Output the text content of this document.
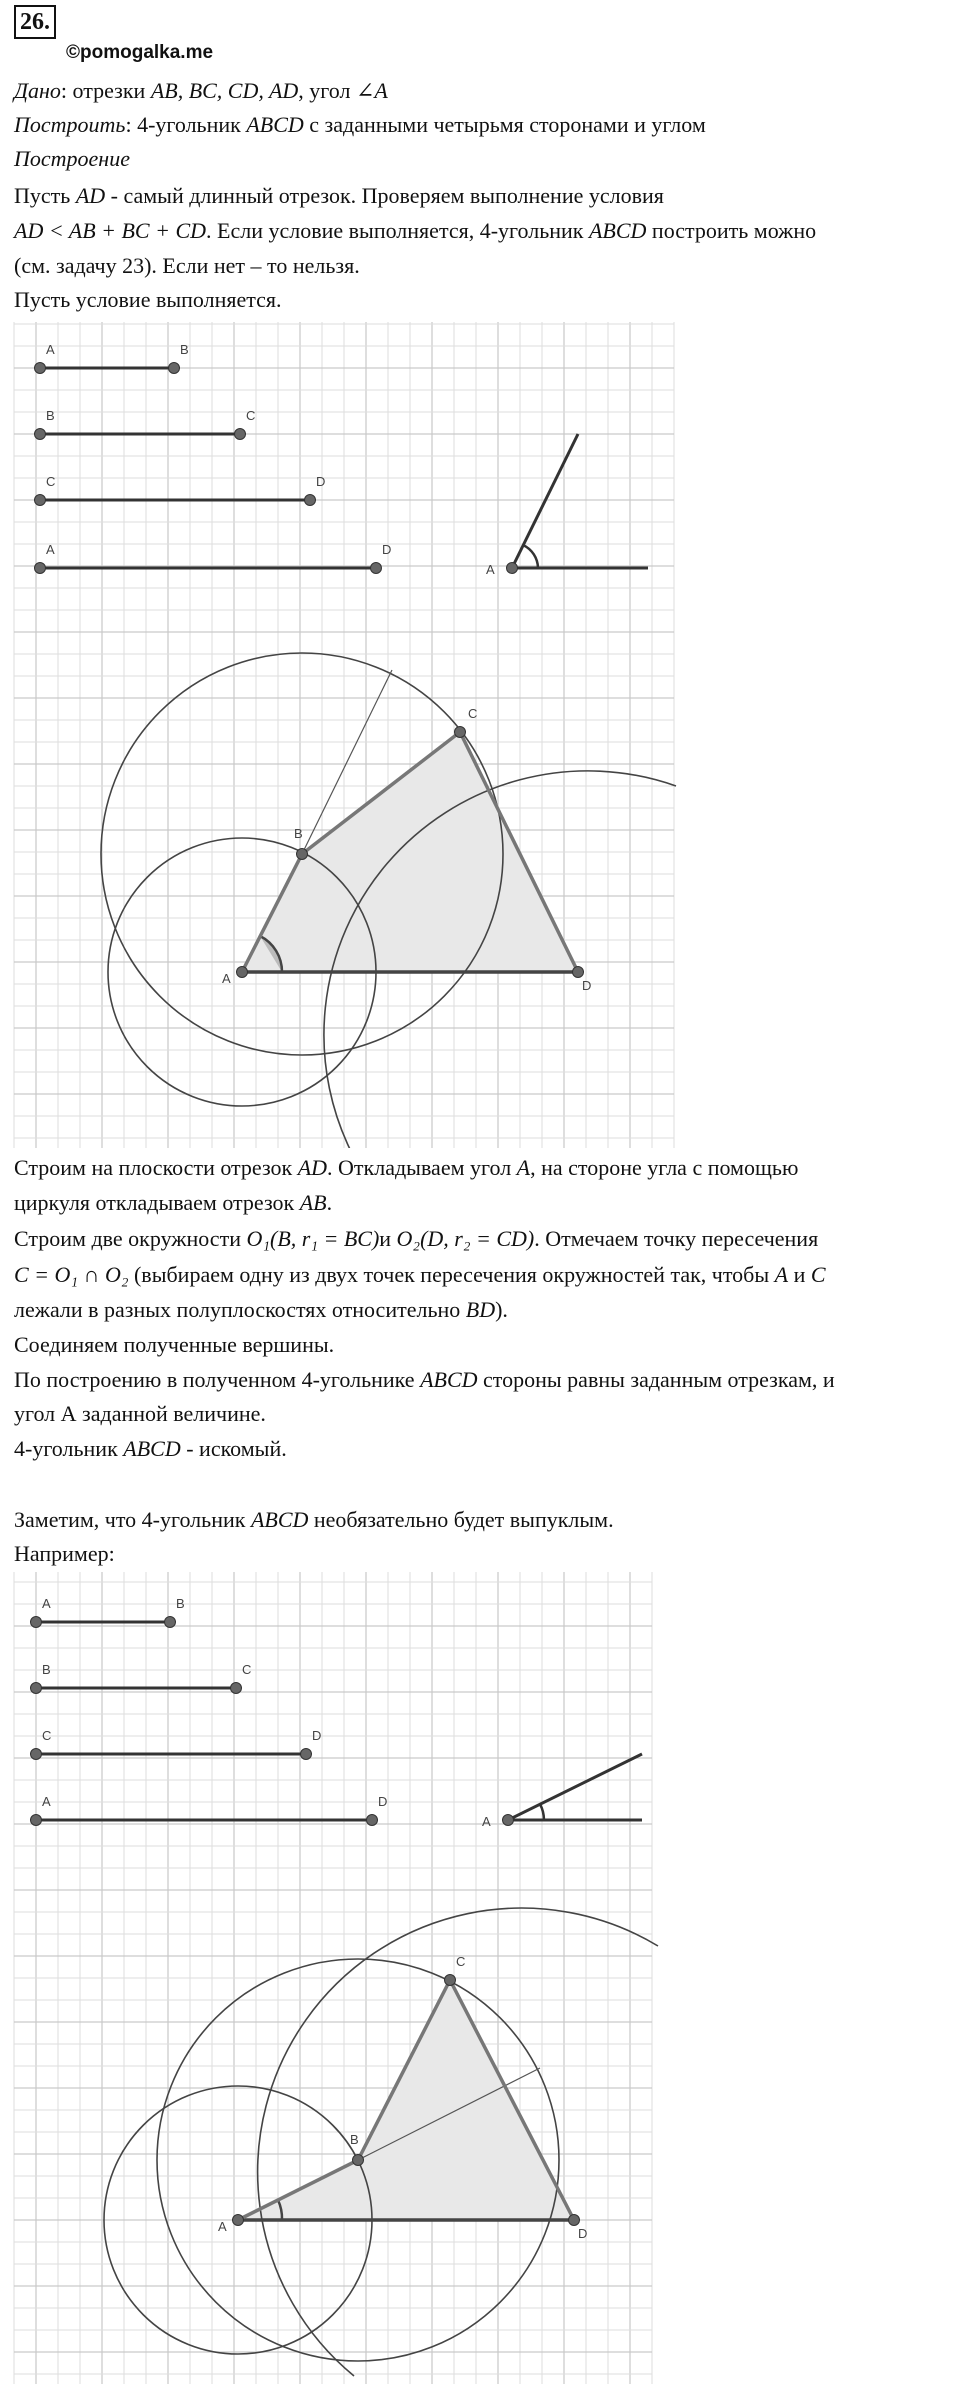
26.
©pomogalka.me
Дано: отрезки AB, BC, CD, AD, угол ∠A
Построить: 4-угольник ABCD с заданными четырьмя сторонами и углом
Построение
Пусть AD - самый длинный отрезок. Проверяем выполнение условия
AD < AB + BC + CD. Если условие выполняется, 4-угольник ABCD построить можно
(см. задачу 23). Если нет – то нельзя.
Пусть условие выполняется.
A	B
B	C
C	D
A	D
A
A
B
C
D
Строим на плоскости отрезок AD. Откладываем угол A, на стороне угла с помощью
циркуля откладываем отрезок AB.
Строим две окружности O₁(B, r₁ = BC)и O₂(D, r₂ = CD). Отмечаем точку пересечения
C = O₁ ∩ O₂ (выбираем одну из двух точек пересечения окружностей так, чтобы A и C
лежали в разных полуплоскостях относительно BD).
Соединяем полученные вершины.
По построению в полученном 4-угольнике ABCD стороны равны заданным отрезкам, и
угол А заданной величине.
4-угольник ABCD - искомый.
Заметим, что 4-угольник ABCD необязательно будет выпуклым.
Например:
A	B
B	C
C	D
A	D
A
A
B
C
D
